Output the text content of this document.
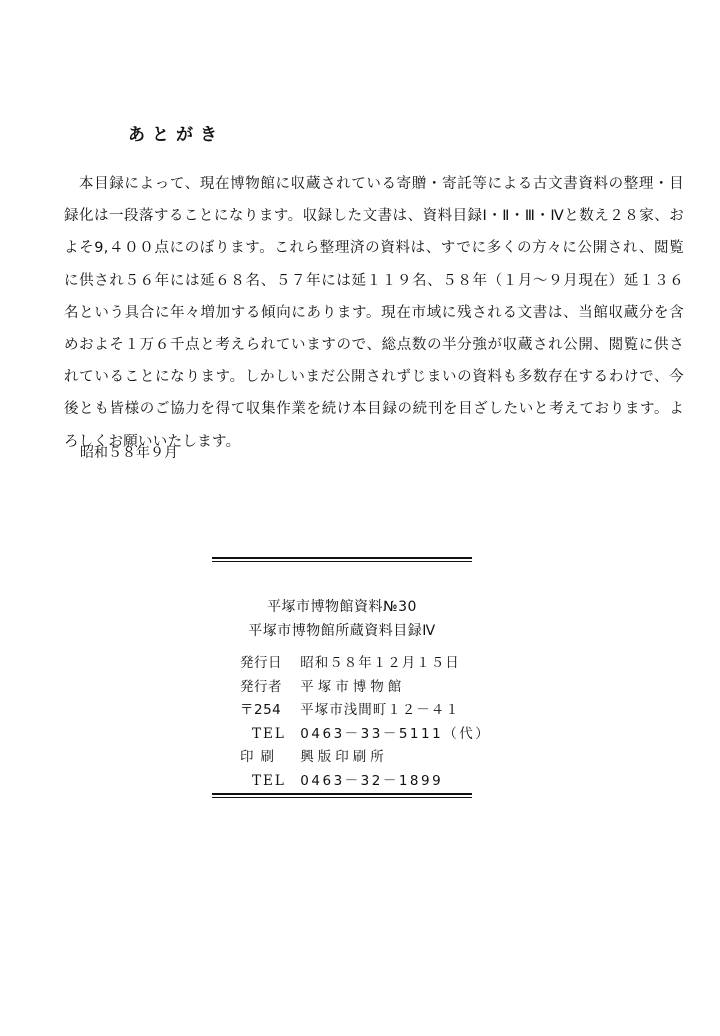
あとがき

本目録によって、現在博物館に収蔵されている寄贈・寄託等による古文書資料の整理・目録化は一段落することになります。収録した文書は、資料目録Ⅰ・Ⅱ・Ⅲ・Ⅳと数え２８家、およそ9,４００点にのぼります。これら整理済の資料は、すでに多くの方々に公開され、閲覧に供され５６年には延６８名、５７年には延１１９名、５８年（１月～９月現在）延１３６名という具合に年々増加する傾向にあります。現在市域に残される文書は、当館収蔵分を含めおよそ１万６千点と考えられていますので、総点数の半分強が収蔵され公開、閲覧に供されていることになります。しかしいまだ公開されずじまいの資料も多数存在するわけで、今後とも皆様のご協力を得て収集作業を続け本目録の続刊を目ざしたいと考えております。よろしくお願いいたします。

昭和５８年９月

平塚市博物館資料№30

平塚市博物館所蔵資料目録Ⅳ

発行日 昭和５８年１２月１５日
発行者 平塚市博物館
〒254 平塚市浅間町１２－４１
TEL 0463－33－5111（代）
印刷 興版印刷所
TEL 0463－32－1899
